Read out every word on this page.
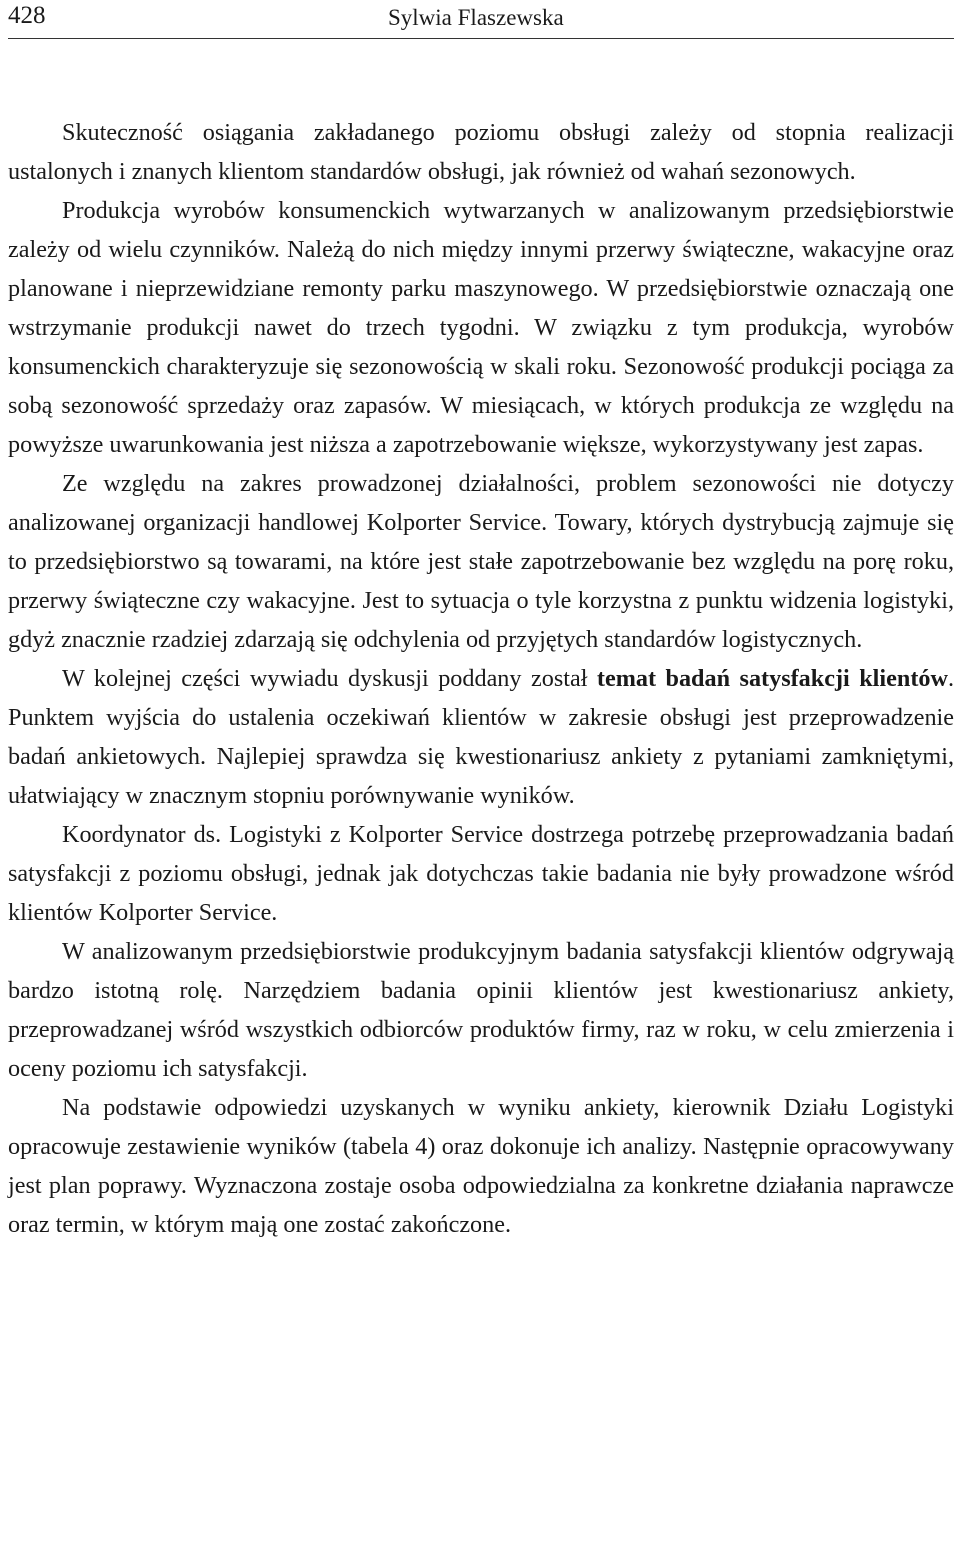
428	Sylwia Flaszewska

Skuteczność osiągania zakładanego poziomu obsługi zależy od stopnia realizacji ustalonych i znanych klientom standardów obsługi, jak również od wahań sezonowych.

Produkcja wyrobów konsumenckich wytwarzanych w analizowanym przedsiębiorstwie zależy od wielu czynników. Należą do nich między innymi przerwy świąteczne, wakacyjne oraz planowane i nieprzewidziane remonty parku maszynowego. W przedsiębiorstwie oznaczają one wstrzymanie produkcji nawet do trzech tygodni. W związku z tym produkcja, wyrobów konsumenckich charakteryzuje się sezonowością w skali roku. Sezonowość produkcji pociąga za sobą sezonowość sprzedaży oraz zapasów. W miesiącach, w których produkcja ze względu na powyższe uwarunkowania jest niższa a zapotrzebowanie większe, wykorzystywany jest zapas.

Ze względu na zakres prowadzonej działalności, problem sezonowości nie dotyczy analizowanej organizacji handlowej Kolporter Service. Towary, których dystrybucją zajmuje się to przedsiębiorstwo są towarami, na które jest stałe zapotrzebowanie bez względu na porę roku, przerwy świąteczne czy wakacyjne. Jest to sytuacja o tyle korzystna z punktu widzenia logistyki, gdyż znacznie rzadziej zdarzają się odchylenia od przyjętych standardów logistycznych.

W kolejnej części wywiadu dyskusji poddany został temat badań satysfakcji klientów. Punktem wyjścia do ustalenia oczekiwań klientów w zakresie obsługi jest przeprowadzenie badań ankietowych. Najlepiej sprawdza się kwestionariusz ankiety z pytaniami zamkniętymi, ułatwiający w znacznym stopniu porównywanie wyników.

Koordynator ds. Logistyki z Kolporter Service dostrzega potrzebę przeprowadzania badań satysfakcji z poziomu obsługi, jednak jak dotychczas takie badania nie były prowadzone wśród klientów Kolporter Service.

W analizowanym przedsiębiorstwie produkcyjnym badania satysfakcji klientów odgrywają bardzo istotną rolę. Narzędziem badania opinii klientów jest kwestionariusz ankiety, przeprowadzanej wśród wszystkich odbiorców produktów firmy, raz w roku, w celu zmierzenia i oceny poziomu ich satysfakcji.

Na podstawie odpowiedzi uzyskanych w wyniku ankiety, kierownik Działu Logistyki opracowuje zestawienie wyników (tabela 4) oraz dokonuje ich analizy. Następnie opracowywany jest plan poprawy. Wyznaczona zostaje osoba odpowiedzialna za konkretne działania naprawcze oraz termin, w którym mają one zostać zakończone.
